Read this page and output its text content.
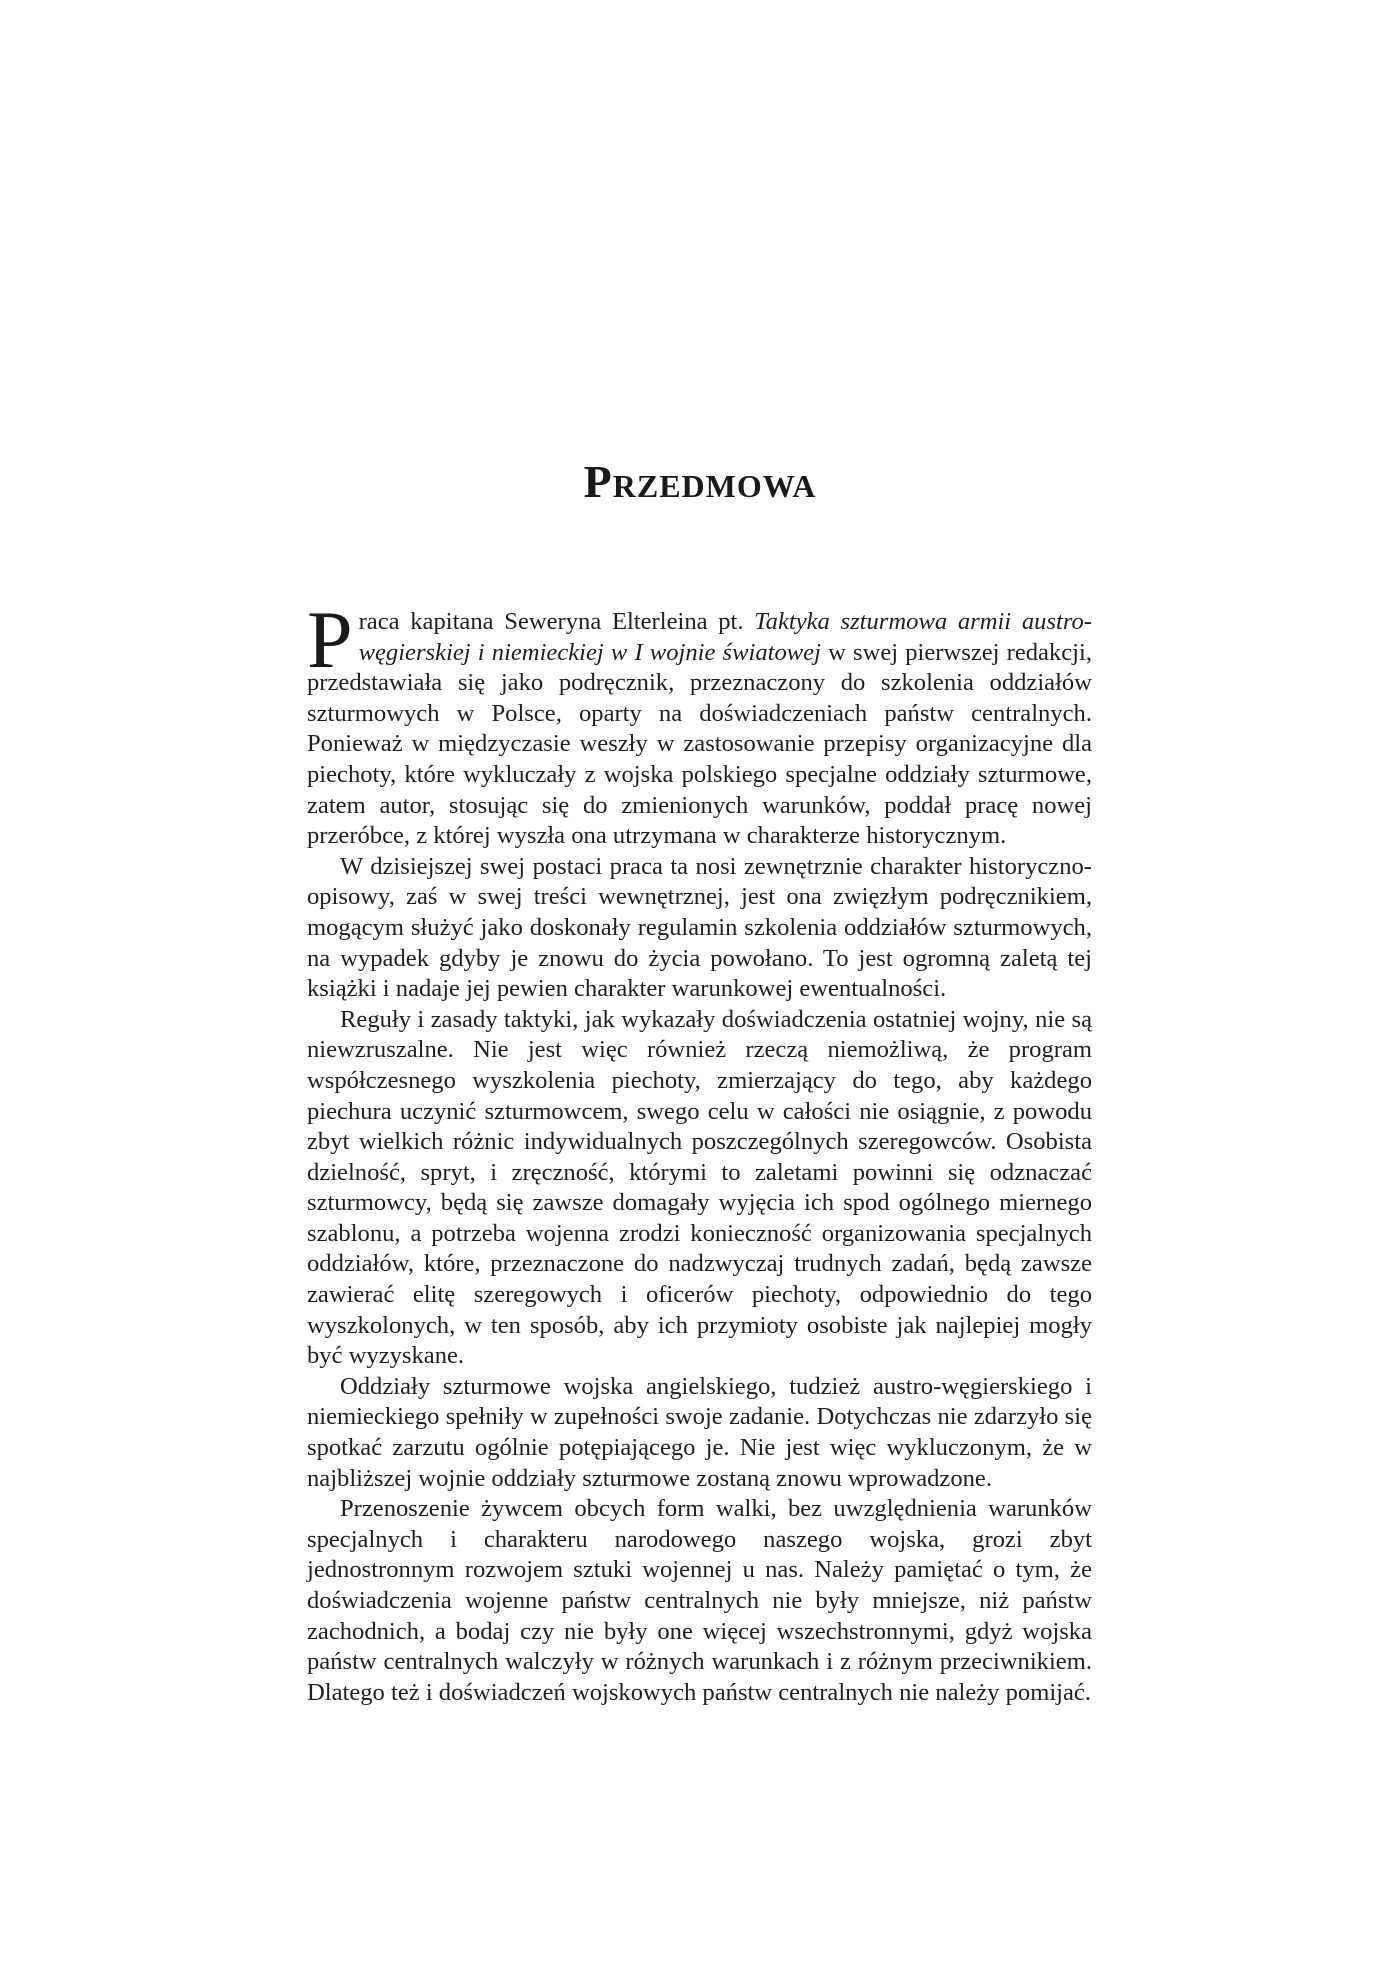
Przedmowa

Praca kapitana Seweryna Elterleina pt. Taktyka szturmowa armii austro-węgierskiej i niemieckiej w I wojnie światowej w swej pierwszej redakcji, przedstawiała się jako podręcznik, przeznaczony do szkolenia oddziałów szturmowych w Polsce, oparty na doświadczeniach państw centralnych. Ponieważ w międzyczasie weszły w zastosowanie przepisy organizacyjne dla piechoty, które wykluczały z wojska polskiego specjalne oddziały szturmowe, zatem autor, stosując się do zmienionych warunków, poddał pracę nowej przeróbce, z której wyszła ona utrzymana w charakterze historycznym.

W dzisiejszej swej postaci praca ta nosi zewnętrznie charakter historyczno-opisowy, zaś w swej treści wewnętrznej, jest ona zwięzłym podręcznikiem, mogącym służyć jako doskonały regulamin szkolenia oddziałów szturmowych, na wypadek gdyby je znowu do życia powołano. To jest ogromną zaletą tej książki i nadaje jej pewien charakter warunkowej ewentualności.

Reguły i zasady taktyki, jak wykazały doświadczenia ostatniej wojny, nie są niewzruszalne. Nie jest więc również rzeczą niemożliwą, że program współczesnego wyszkolenia piechoty, zmierzający do tego, aby każdego piechura uczynić szturmowcem, swego celu w całości nie osiągnie, z powodu zbyt wielkich różnic indywidualnych poszczególnych szeregowców. Osobista dzielność, spryt, i zręczność, którymi to zaletami powinni się odznaczać szturmowcy, będą się zawsze domagały wyjęcia ich spod ogólnego miernego szablonu, a potrzeba wojenna zrodzi konieczność organizowania specjalnych oddziałów, które, przeznaczone do nadzwyczaj trudnych zadań, będą zawsze zawierać elitę szeregowych i oficerów piechoty, odpowiednio do tego wyszkolonych, w ten sposób, aby ich przymioty osobiste jak najlepiej mogły być wyzyskane.

Oddziały szturmowe wojska angielskiego, tudzież austro-węgierskiego i niemieckiego spełniły w zupełności swoje zadanie. Dotychczas nie zdarzyło się spotkać zarzutu ogólnie potępiającego je. Nie jest więc wykluczonym, że w najbliższej wojnie oddziały szturmowe zostaną znowu wprowadzone.

Przenoszenie żywcem obcych form walki, bez uwzględnienia warunków specjalnych i charakteru narodowego naszego wojska, grozi zbyt jednostronnym rozwojem sztuki wojennej u nas. Należy pamiętać o tym, że doświadczenia wojenne państw centralnych nie były mniejsze, niż państw zachodnich, a bodaj czy nie były one więcej wszechstronnymi, gdyż wojska państw centralnych walczyły w różnych warunkach i z różnym przeciwnikiem. Dlatego też i doświadczeń wojskowych państw centralnych nie należy pomijać.
